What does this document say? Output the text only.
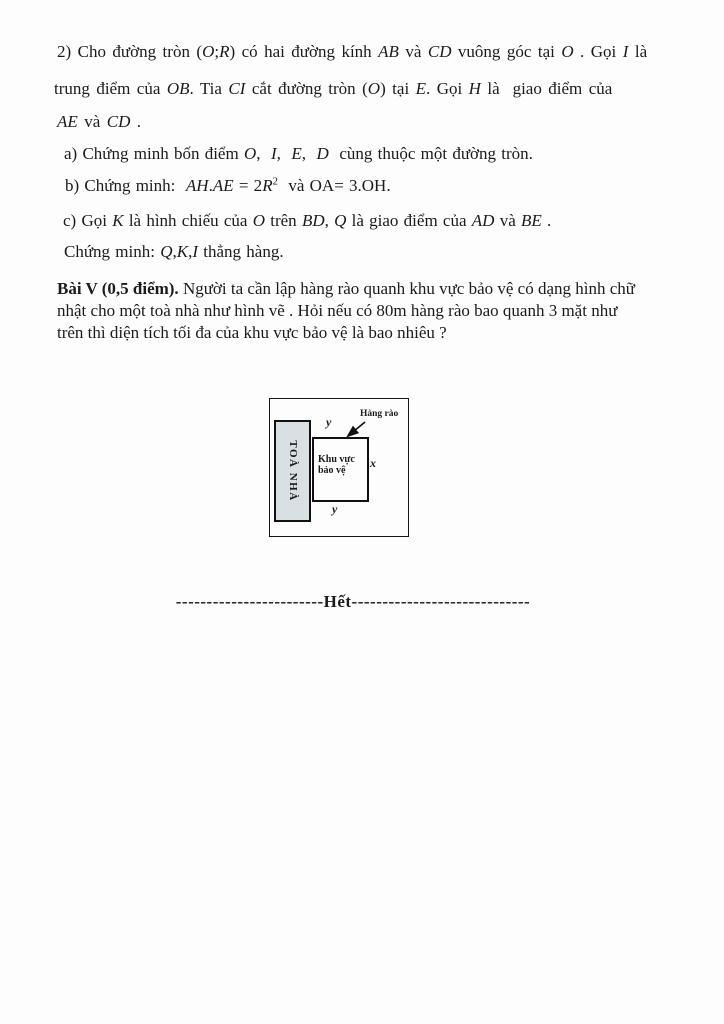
2) Cho đường tròn (O;R) có hai đường kính AB và CD vuông góc tại O . Gọi I là
trung điểm của OB. Tia CI cắt đường tròn (O) tại E. Gọi H là  giao điểm của
AE và CD .
a) Chứng minh bốn điểm O,  I,  E,  D  cùng thuộc một đường tròn.
b) Chứng minh:  $AH.AE = 2R^2$  và OA= 3.OH.
c) Gọi K là hình chiếu của O trên BD, Q là giao điểm của AD và BE .
Chứng minh: Q,K,I thẳng hàng.
Bài V (0,5 điểm). Người ta cần lập hàng rào quanh khu vực bảo vệ có dạng hình chữ
nhật cho một toà nhà như hình vẽ . Hỏi nếu có 80m hàng rào bao quanh 3 mặt như
trên thì diện tích tối đa của khu vực bảo vệ là bao nhiêu ?
TOÀ NHÀ Khu vực
bảo vệ
y
y
x
Hàng rào
------------------------Hết-----------------------------
